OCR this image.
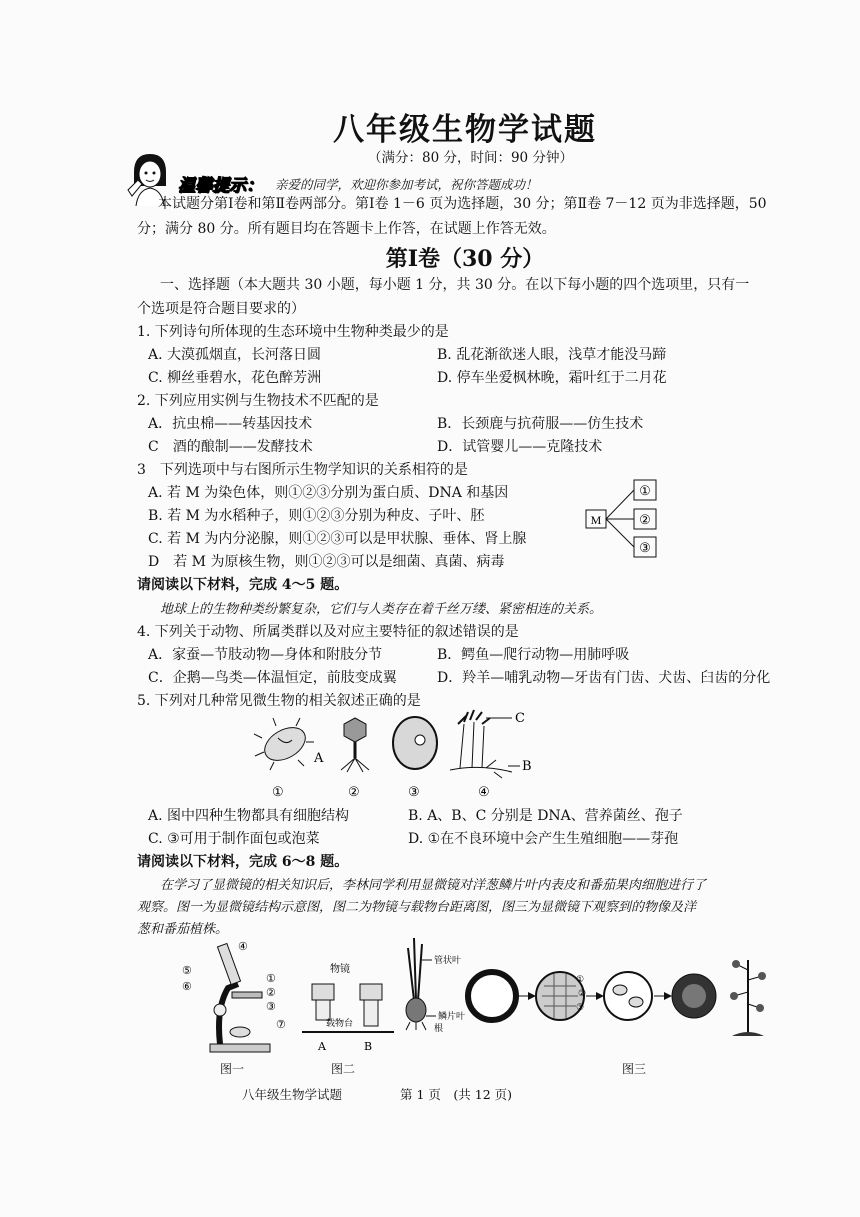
八年级生物学试题
（满分：80 分，时间：90 分钟）
温馨提示： 亲爱的同学，欢迎你参加考试，祝你答题成功！
本试题分第Ⅰ卷和第Ⅱ卷两部分。第Ⅰ卷 1－6 页为选择题，30 分；第Ⅱ卷 7－12 页为非选择题，50
分；满分 80 分。所有题目均在答题卡上作答，在试题上作答无效。
第Ⅰ卷（30 分）
一、选择题（本大题共 30 小题，每小题 1 分，共 30 分。在以下每小题的四个选项里，只有一
个选项是符合题目要求的）
1. 下列诗句所体现的生态环境中生物种类最少的是
A. 大漠孤烟直，长河落日圆	B. 乱花渐欲迷人眼，浅草才能没马蹄
C. 柳丝垂碧水，花色醉芳洲	D. 停车坐爱枫林晚，霜叶红于二月花
2. 下列应用实例与生物技术不匹配的是
A．抗虫棉——转基因技术	B．长颈鹿与抗荷服——仿生技术
C　酒的酿制——发酵技术	D．试管婴儿——克隆技术
3　下列选项中与右图所示生物学知识的关系相符的是
A. 若 M 为染色体，则①②③分别为蛋白质、DNA 和基因
B. 若 M 为水稻种子，则①②③分别为种皮、子叶、胚
C. 若 M 为内分泌腺，则①②③可以是甲状腺、垂体、肾上腺
D　若 M 为原核生物，则①②③可以是细菌、真菌、病毒
M
①
②
③
请阅读以下材料，完成 4～5 题。
地球上的生物种类纷繁复杂，它们与人类存在着千丝万缕、紧密相连的关系。
4. 下列关于动物、所属类群以及对应主要特征的叙述错误的是
A．家蚕—节肢动物—身体和附肢分节	B．鳄鱼—爬行动物—用肺呼吸
C．企鹅—鸟类—体温恒定，前肢变成翼	D．羚羊—哺乳动物—牙齿有门齿、犬齿、臼齿的分化
5. 下列对几种常见微生物的相关叙述正确的是
A
C
B
①	②	③	④
A. 图中四种生物都具有细胞结构	B. A、B、C 分别是 DNA、营养菌丝、孢子
C. ③可用于制作面包或泡菜	D. ①在不良环境中会产生生殖细胞——芽孢
请阅读以下材料，完成 6～8 题。
在学习了显微镜的相关知识后，李林同学利用显微镜对洋葱鳞片叶内表皮和番茄果肉细胞进行了
观察。图一为显微镜结构示意图，图二为物镜与载物台距离图，图三为显微镜下观察到的物像及洋
葱和番茄植株。
④
⑤
⑥
①
②
③
⑦
物镜
载物台
A	B
管状叶
鳞片叶
根
①
②
③
图一	图二	图三
八年级生物学试题	第 1 页　(共 12 页)
